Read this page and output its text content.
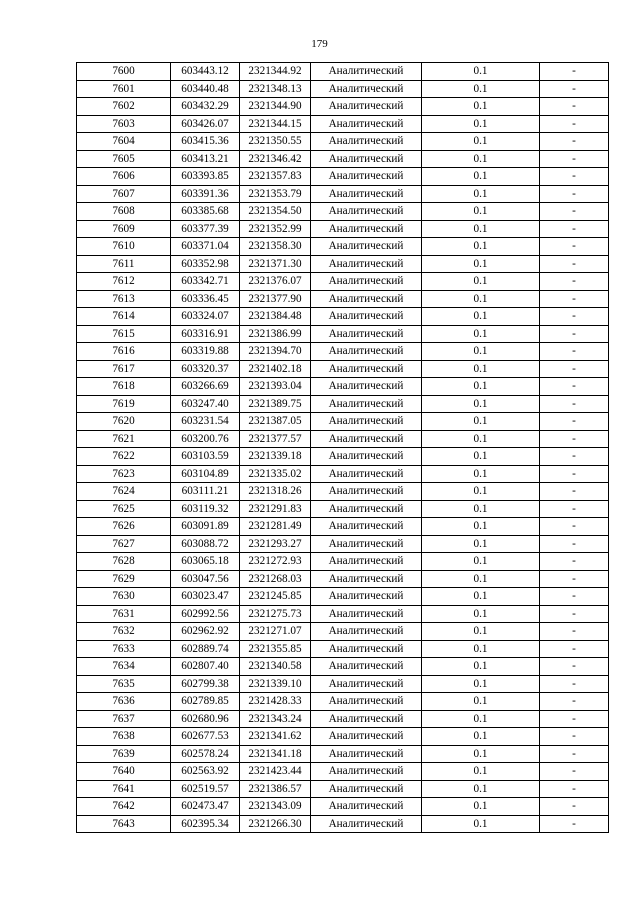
179
7600	603443.12	2321344.92	Аналитический	0.1	-
7601	603440.48	2321348.13	Аналитический	0.1	-
7602	603432.29	2321344.90	Аналитический	0.1	-
7603	603426.07	2321344.15	Аналитический	0.1	-
7604	603415.36	2321350.55	Аналитический	0.1	-
7605	603413.21	2321346.42	Аналитический	0.1	-
7606	603393.85	2321357.83	Аналитический	0.1	-
7607	603391.36	2321353.79	Аналитический	0.1	-
7608	603385.68	2321354.50	Аналитический	0.1	-
7609	603377.39	2321352.99	Аналитический	0.1	-
7610	603371.04	2321358.30	Аналитический	0.1	-
7611	603352.98	2321371.30	Аналитический	0.1	-
7612	603342.71	2321376.07	Аналитический	0.1	-
7613	603336.45	2321377.90	Аналитический	0.1	-
7614	603324.07	2321384.48	Аналитический	0.1	-
7615	603316.91	2321386.99	Аналитический	0.1	-
7616	603319.88	2321394.70	Аналитический	0.1	-
7617	603320.37	2321402.18	Аналитический	0.1	-
7618	603266.69	2321393.04	Аналитический	0.1	-
7619	603247.40	2321389.75	Аналитический	0.1	-
7620	603231.54	2321387.05	Аналитический	0.1	-
7621	603200.76	2321377.57	Аналитический	0.1	-
7622	603103.59	2321339.18	Аналитический	0.1	-
7623	603104.89	2321335.02	Аналитический	0.1	-
7624	603111.21	2321318.26	Аналитический	0.1	-
7625	603119.32	2321291.83	Аналитический	0.1	-
7626	603091.89	2321281.49	Аналитический	0.1	-
7627	603088.72	2321293.27	Аналитический	0.1	-
7628	603065.18	2321272.93	Аналитический	0.1	-
7629	603047.56	2321268.03	Аналитический	0.1	-
7630	603023.47	2321245.85	Аналитический	0.1	-
7631	602992.56	2321275.73	Аналитический	0.1	-
7632	602962.92	2321271.07	Аналитический	0.1	-
7633	602889.74	2321355.85	Аналитический	0.1	-
7634	602807.40	2321340.58	Аналитический	0.1	-
7635	602799.38	2321339.10	Аналитический	0.1	-
7636	602789.85	2321428.33	Аналитический	0.1	-
7637	602680.96	2321343.24	Аналитический	0.1	-
7638	602677.53	2321341.62	Аналитический	0.1	-
7639	602578.24	2321341.18	Аналитический	0.1	-
7640	602563.92	2321423.44	Аналитический	0.1	-
7641	602519.57	2321386.57	Аналитический	0.1	-
7642	602473.47	2321343.09	Аналитический	0.1	-
7643	602395.34	2321266.30	Аналитический	0.1	-
